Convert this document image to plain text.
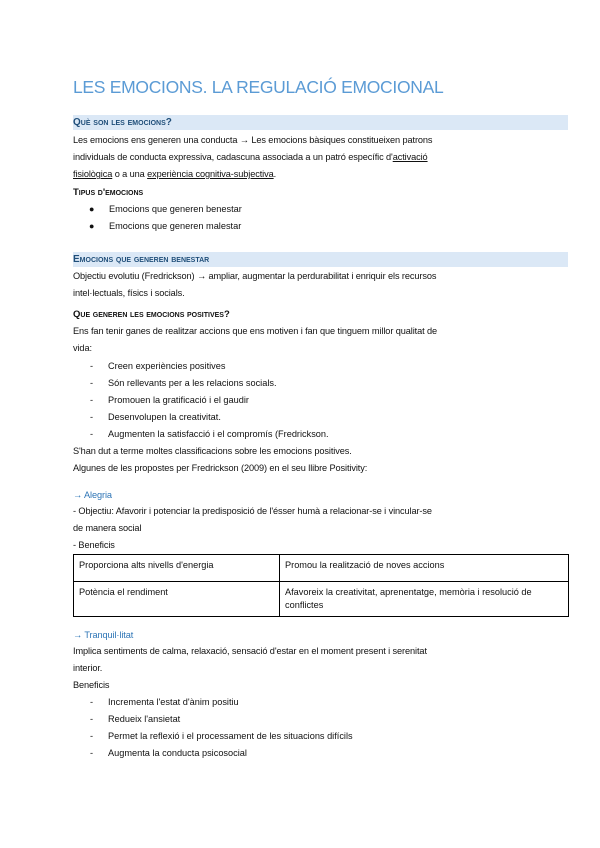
LES EMOCIONS. LA REGULACIÓ EMOCIONAL
Què son les emocions?
Les emocions ens generen una conducta → Les emocions bàsiques constitueixen patrons
individuals de conducta expressiva, cadascuna associada a un patró específic d'activació
fisiològica o a una experiència cognitiva-subjectiva.
Tipus d'emocions
● Emocions que generen benestar
● Emocions que generen malestar
Emocions que generen benestar
Objectiu evolutiu (Fredrickson) → ampliar, augmentar la perdurabilitat i enriquir els recursos
intel·lectuals, físics i socials.
Que generen les emocions positives?
Ens fan tenir ganes de realitzar accions que ens motiven i fan que tinguem millor qualitat de
vida:
- Creen experiències positives
- Són rellevants per a les relacions socials.
- Promouen la gratificació i el gaudir
- Desenvolupen la creativitat.
- Augmenten la satisfacció i el compromís (Fredrickson.
S'han dut a terme moltes classificacions sobre les emocions positives.
Algunes de les propostes per Fredrickson (2009) en el seu llibre Positivity:
→ Alegria
- Objectiu: Afavorir i potenciar la predisposició de l'ésser humà a relacionar-se i vincular-se
de manera social
- Beneficis
Proporciona alts nivells d'energia	Promou la realització de noves accions
Potència el rendiment	Afavoreix la creativitat, aprenentatge, memòria i resolució de conflictes
→ Tranquil·litat
Implica sentiments de calma, relaxació, sensació d'estar en el moment present i serenitat
interior.
Beneficis
- Incrementa l'estat d'ànim positiu
- Redueix l'ansietat
- Permet la reflexió i el processament de les situacions difícils
- Augmenta la conducta psicosocial
